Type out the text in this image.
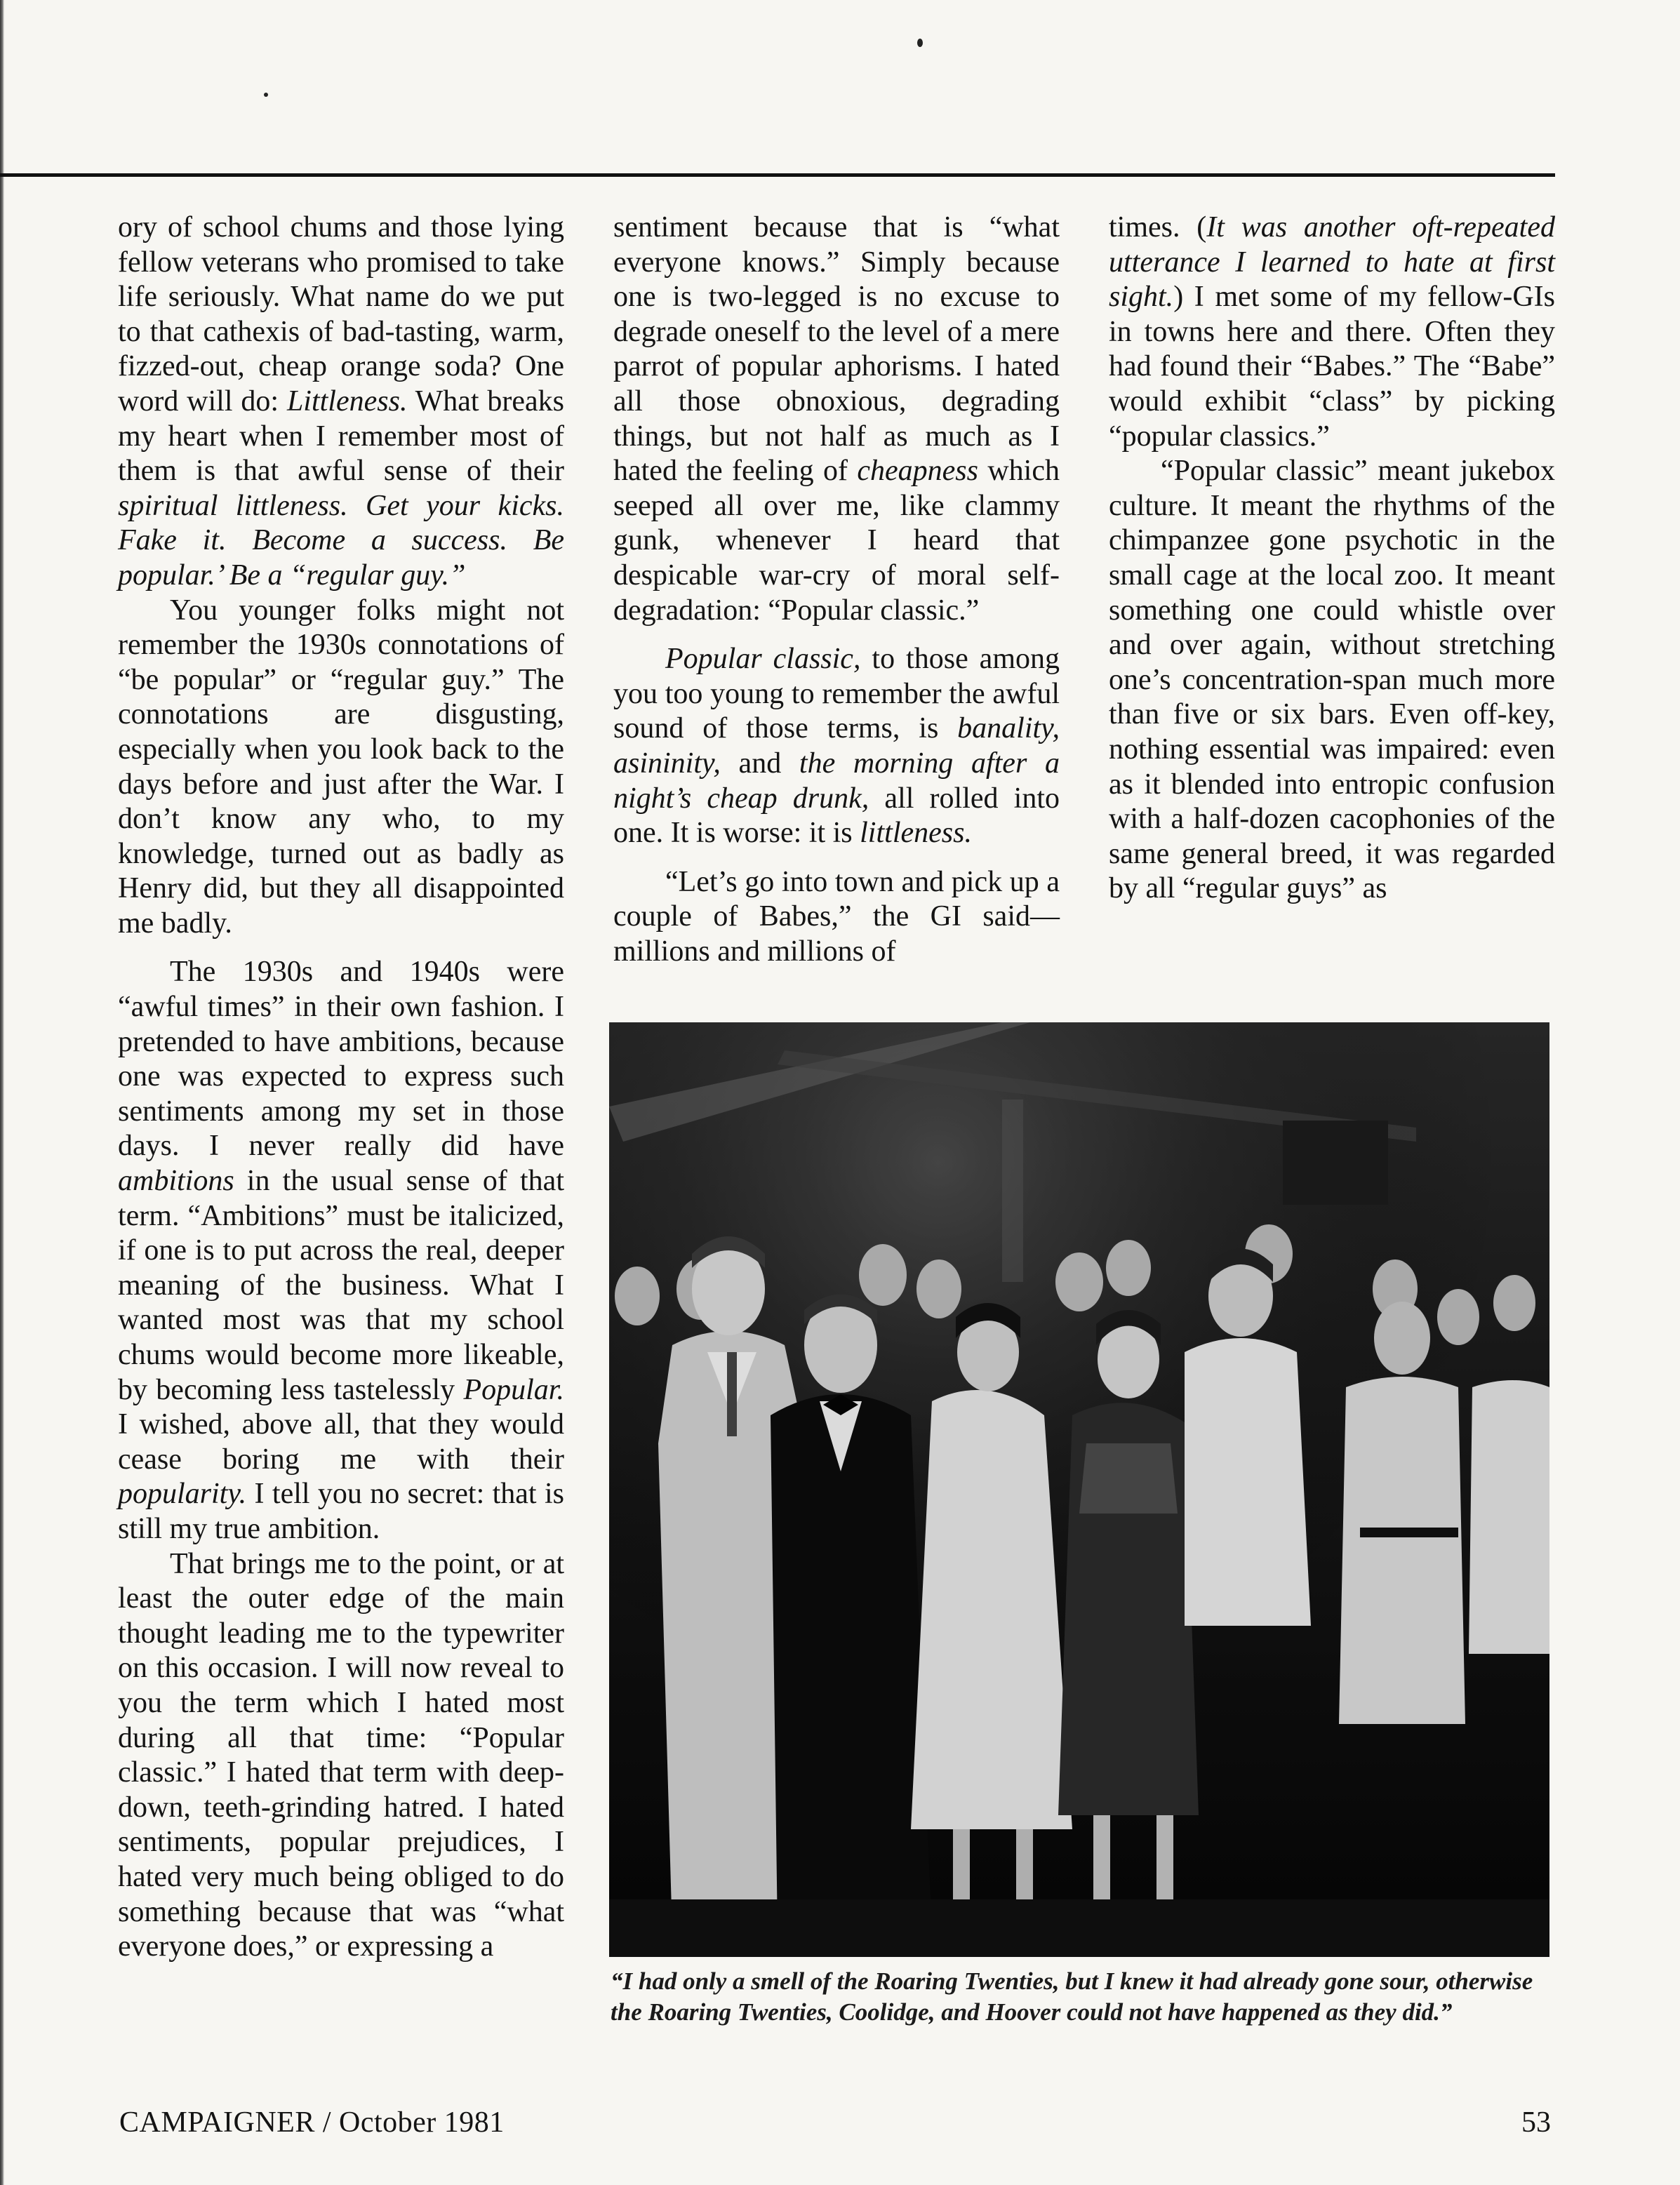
ory of school chums and those lying fellow veterans who promised to take life seriously. What name do we put to that cathexis of bad-tasting, warm, fizzed-out, cheap orange soda? One word will do: Littleness. What breaks my heart when I remember most of them is that awful sense of their spiritual littleness. Get your kicks. Fake it. Become a success. Be popular.’ Be a “regular guy.”

You younger folks might not remember the 1930s connotations of “be popular” or “regular guy.” The connotations are disgusting, especially when you look back to the days before and just after the War. I don’t know any who, to my knowledge, turned out as badly as Henry did, but they all disappointed me badly.

The 1930s and 1940s were “awful times” in their own fashion. I pretended to have ambitions, because one was expected to express such sentiments among my set in those days. I never really did have ambitions in the usual sense of that term. “Ambitions” must be italicized, if one is to put across the real, deeper meaning of the business. What I wanted most was that my school chums would become more likeable, by becoming less tastelessly Popular. I wished, above all, that they would cease boring me with their popularity. I tell you no secret: that is still my true ambition.

That brings me to the point, or at least the outer edge of the main thought leading me to the typewriter on this occasion. I will now reveal to you the term which I hated most during all that time: “Popular classic.” I hated that term with deep-down, teeth-grinding hatred. I hated sentiments, popular prejudices, I hated very much being obliged to do something because that was “what everyone does,” or expressing a

sentiment because that is “what everyone knows.” Simply because one is two-legged is no excuse to degrade oneself to the level of a mere parrot of popular aphorisms. I hated all those obnoxious, degrading things, but not half as much as I hated the feeling of cheapness which seeped all over me, like clammy gunk, whenever I heard that despicable war-cry of moral self-degradation: “Popular classic.”

Popular classic, to those among you too young to remember the awful sound of those terms, is banality, asininity, and the morning after a night’s cheap drunk, all rolled into one. It is worse: it is littleness.

“Let’s go into town and pick up a couple of Babes,” the GI said—millions and millions of

times. (It was another oft-repeated utterance I learned to hate at first sight.) I met some of my fellow-GIs in towns here and there. Often they had found their “Babes.” The “Babe” would exhibit “class” by picking “popular classics.”

“Popular classic” meant jukebox culture. It meant the rhythms of the chimpanzee gone psychotic in the small cage at the local zoo. It meant something one could whistle over and over again, without stretching one’s concentration-span much more than five or six bars. Even off-key, nothing essential was impaired: even as it blended into entropic confusion with a half-dozen cacophonies of the same general breed, it was regarded by all “regular guys” as

“I had only a smell of the Roaring Twenties, but I knew it had already gone sour, otherwise the Roaring Twenties, Coolidge, and Hoover could not have happened as they did.”
CAMPAIGNER / October 1981	53
